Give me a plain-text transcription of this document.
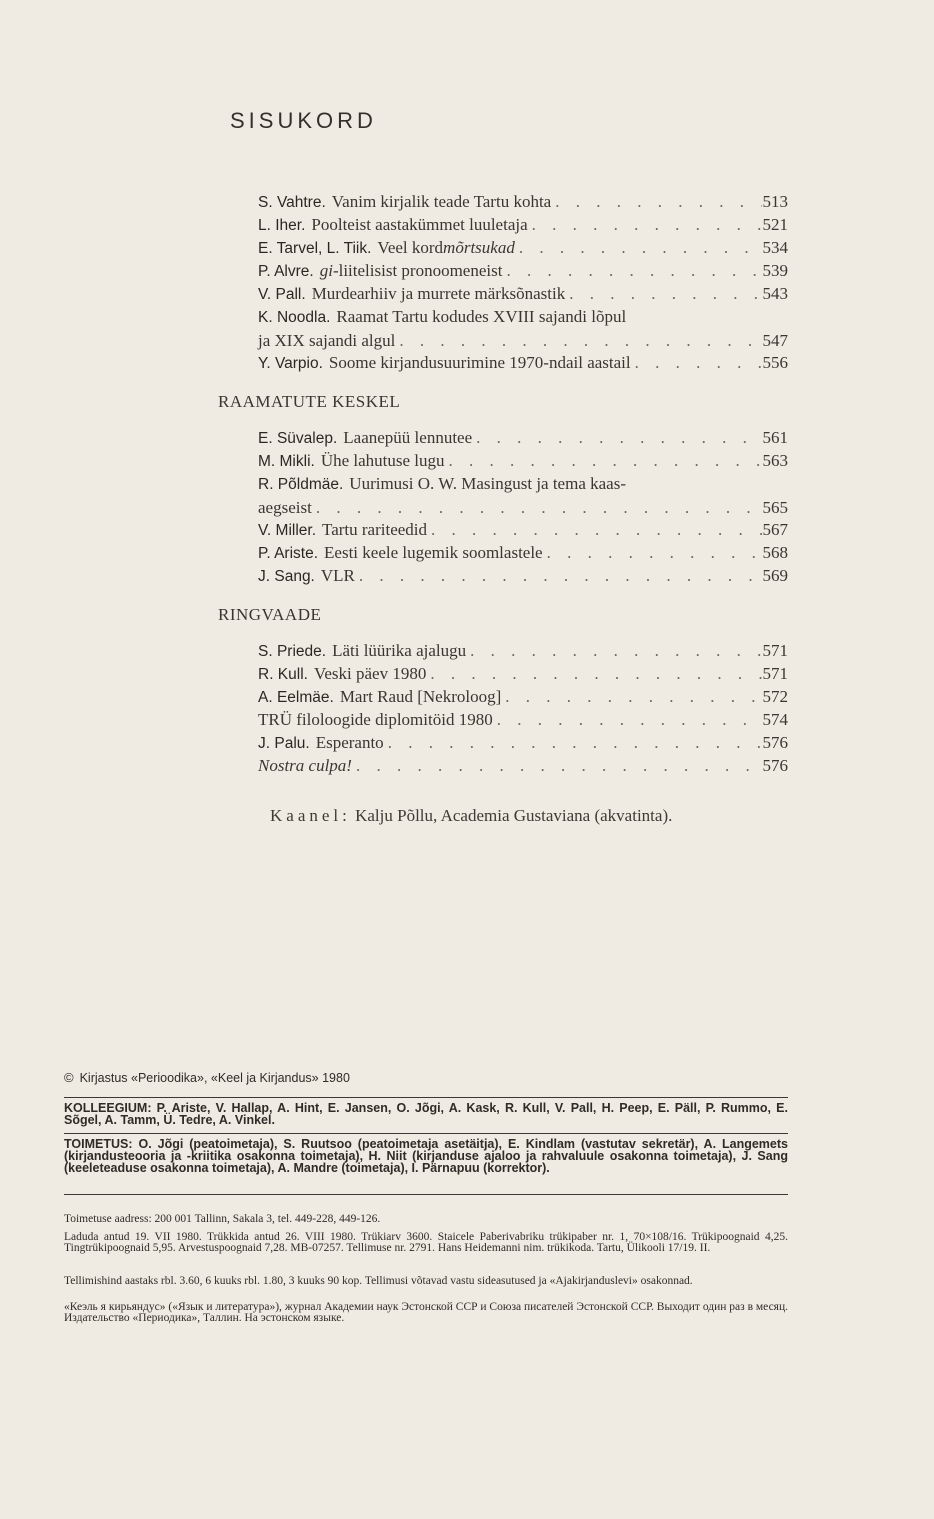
SISUKORD
S. Vahtre. Vanim kirjalik teade Tartu kohta . . .	513
L. Iher. Poolteist aastakümmet luuletaja . . .	521
E. Tarvel, L. Tiik. Veel kord mõrtsukad . . .	534
P. Alvre. gi -liitelisist pronoomeneist . . .	539
V. Pall. Murdearhiiv ja murrete märksõnastik . . .	543
K. Noodla. Raamat Tartu kodudes XVIII sajandi lõpul
ja XIX sajandi algul . . .	547
Y. Varpio. Soome kirjandusuurimine 1970-ndail aastail . . .	556
RAAMATUTE KESKEL
E. Süvalep. Laanepüü lennutee . . .	561
M. Mikli. Ühe lahutuse lugu . . .	563
R. Põldmäe. Uurimusi O. W. Masingust ja tema kaas-
aegseist . . .	565
V. Miller. Tartu rariteedid . . .	567
P. Ariste. Eesti keele lugemik soomlastele . . .	568
J. Sang. VLR . . .	569
RINGVAADE
S. Priede. Läti lüürika ajalugu . . .	571
R. Kull. Veski päev 1980 . . .	571
A. Eelmäe. Mart Raud [Nekroloog] . . .	572
TRÜ filoloogide diplomitöid 1980 . . .	574
J. Palu. Esperanto . . .	576
Nostra culpa! . . .	576
Kaanel: Kalju Põllu, Academia Gustaviana (akvatinta).
© Kirjastus «Perioodika», «Keel ja Kirjandus» 1980
KOLLEEGIUM: P. Ariste, V. Hallap, A. Hint, E. Jansen, O. Jõgi, A. Kask, R. Kull, V. Pall, H. Peep, E. Päll, P. Rummo, E. Sõgel, A. Tamm, Ü. Tedre, A. Vinkel.
TOIMETUS: O. Jõgi (peatoimetaja), S. Ruutsoo (peatoimetaja asetäitja), E. Kindlam (vastutav sekretär), A. Langemets (kirjandusteooria ja -kriitika osakonna toimetaja), H. Niit (kirjanduse ajaloo ja rahvaluule osakonna toimetaja), J. Sang (keeleteaduse osakonna toimetaja), A. Mandre (toimetaja), I. Pärnapuu (korrektor).
Toimetuse aadress: 200 001 Tallinn, Sakala 3, tel. 449-228, 449-126.
Laduda antud 19. VII 1980. Trükkida antud 26. VIII 1980. Trükiarv 3600. Staicele Paberivabriku trükipaber nr. 1, 70×108/16. Trükipoognaid 4,25. Tingtrükipoognaid 5,95. Arvestuspoognaid 7,28. MB-07257. Tellimuse nr. 2791. Hans Heidemanni nim. trükikoda. Tartu, Ülikooli 17/19. II.
Tellimishind aastaks rbl. 3.60, 6 kuuks rbl. 1.80, 3 kuuks 90 kop. Tellimusi võtavad vastu sideasutused ja «Ajakirjanduslevi» osakonnad.
«Кеэль я кирьяндус» («Язык и литература»), журнал Академии наук Эстонской ССР и Союза писателей Эстонской ССР. Выходит один раз в месяц. Издательство «Периодика», Таллин. На эстонском языке.
